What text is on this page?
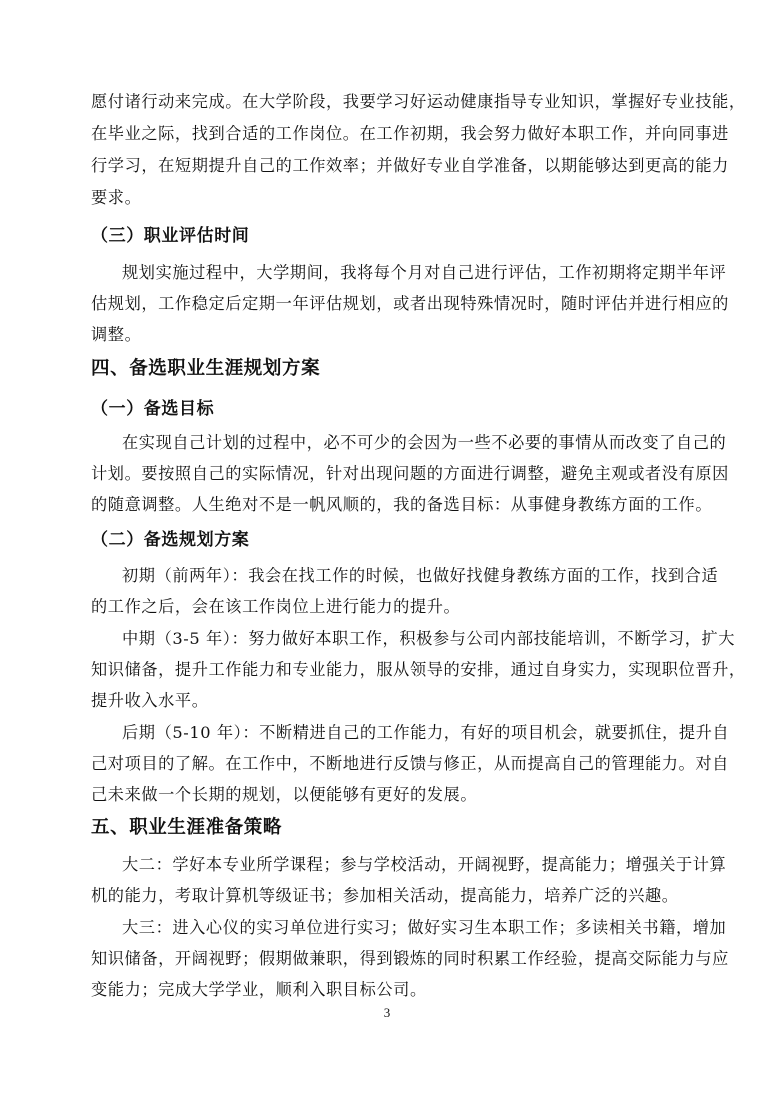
愿付诸行动来完成。在大学阶段，我要学习好运动健康指导专业知识，掌握好专业技能，
在毕业之际，找到合适的工作岗位。在工作初期，我会努力做好本职工作，并向同事进
行学习，在短期提升自己的工作效率；并做好专业自学准备，以期能够达到更高的能力
要求。
（三）职业评估时间
规划实施过程中，大学期间，我将每个月对自己进行评估，工作初期将定期半年评
估规划，工作稳定后定期一年评估规划，或者出现特殊情况时，随时评估并进行相应的
调整。
四、备选职业生涯规划方案
（一）备选目标
在实现自己计划的过程中，必不可少的会因为一些不必要的事情从而改变了自己的
计划。要按照自己的实际情况，针对出现问题的方面进行调整，避免主观或者没有原因
的随意调整。人生绝对不是一帆风顺的，我的备选目标：从事健身教练方面的工作。
（二）备选规划方案
初期（前两年）：我会在找工作的时候，也做好找健身教练方面的工作，找到合适
的工作之后，会在该工作岗位上进行能力的提升。
中期（3-5 年）：努力做好本职工作，积极参与公司内部技能培训，不断学习，扩大
知识储备，提升工作能力和专业能力，服从领导的安排，通过自身实力，实现职位晋升，
提升收入水平。
后期（5-10 年）：不断精进自己的工作能力，有好的项目机会，就要抓住，提升自
己对项目的了解。在工作中，不断地进行反馈与修正，从而提高自己的管理能力。对自
己未来做一个长期的规划，以便能够有更好的发展。
五、职业生涯准备策略
大二：学好本专业所学课程；参与学校活动，开阔视野，提高能力；增强关于计算
机的能力，考取计算机等级证书；参加相关活动，提高能力，培养广泛的兴趣。
大三：进入心仪的实习单位进行实习；做好实习生本职工作；多读相关书籍，增加
知识储备，开阔视野；假期做兼职，得到锻炼的同时积累工作经验，提高交际能力与应
变能力；完成大学学业，顺利入职目标公司。
3
